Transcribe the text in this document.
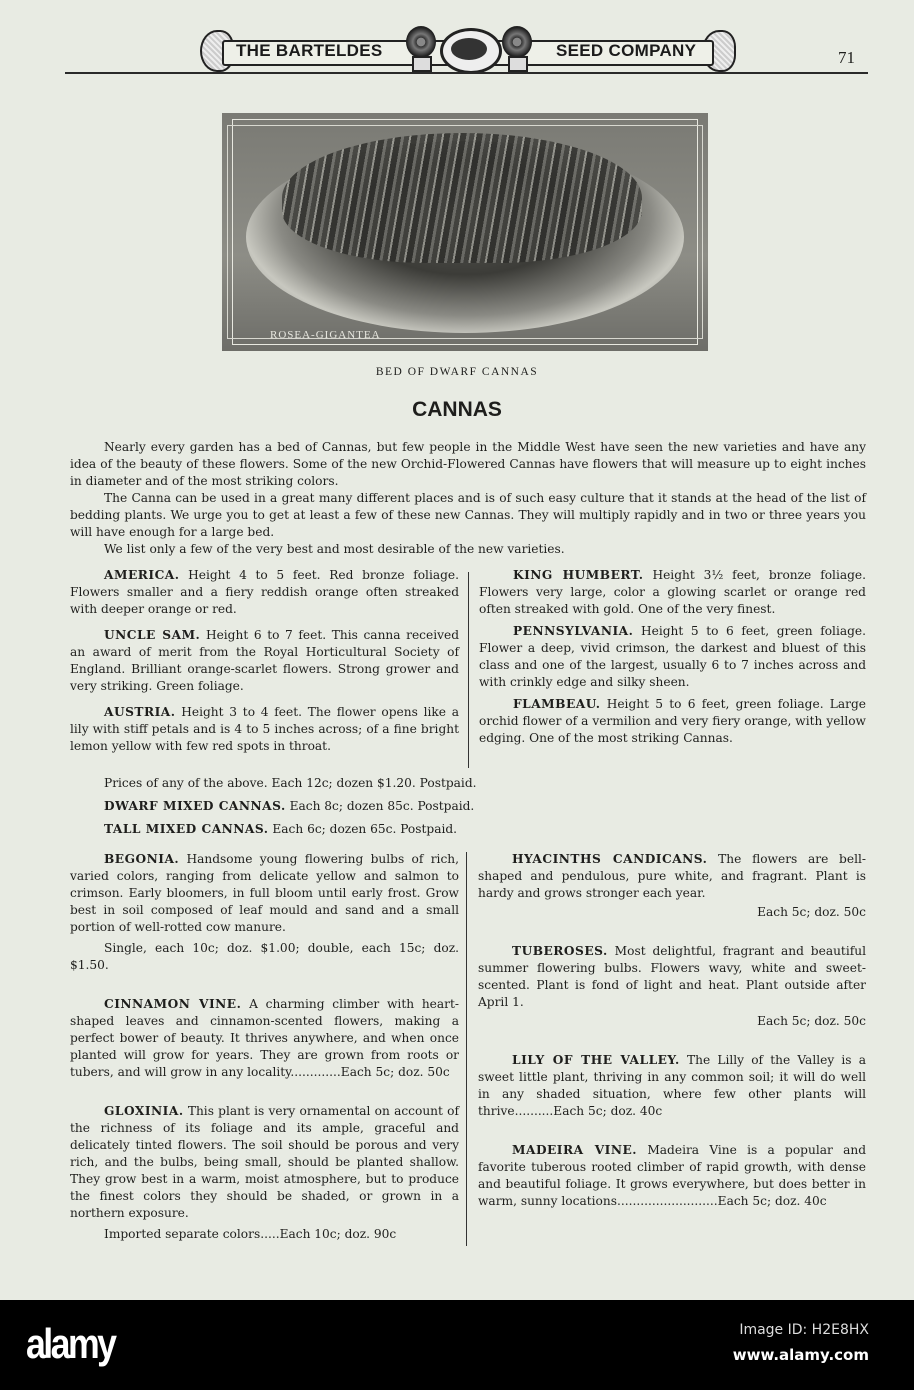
THE BARTELDES	SEED COMPANY	71
ROSEA-GIGANTEA
BED OF DWARF CANNAS
CANNAS

Nearly every garden has a bed of Cannas, but few people in the Middle West have seen the new varieties and have any idea of the beauty of these flowers. Some of the new Orchid-Flowered Cannas have flowers that will measure up to eight inches in diameter and of the most striking colors.

The Canna can be used in a great many different places and is of such easy culture that it stands at the head of the list of bedding plants. We urge you to get at least a few of these new Cannas. They will multiply rapidly and in two or three years you will have enough for a large bed.

We list only a few of the very best and most desirable of the new varieties.

AMERICA. Height 4 to 5 feet. Red bronze foliage. Flowers smaller and a fiery reddish orange often streaked with deeper orange or red.

UNCLE SAM. Height 6 to 7 feet. This canna received an award of merit from the Royal Horticultural Society of England. Brilliant orange-scarlet flowers. Strong grower and very striking. Green foliage.

AUSTRIA. Height 3 to 4 feet. The flower opens like a lily with stiff petals and is 4 to 5 inches across; of a fine bright lemon yellow with few red spots in throat.

KING HUMBERT. Height 3½ feet, bronze foliage. Flowers very large, color a glowing scarlet or orange red often streaked with gold. One of the very finest.

PENNSYLVANIA. Height 5 to 6 feet, green foliage. Flower a deep, vivid crimson, the darkest and bluest of this class and one of the largest, usually 6 to 7 inches across and with crinkly edge and silky sheen.

FLAMBEAU. Height 5 to 6 feet, green foliage. Large orchid flower of a vermilion and very fiery orange, with yellow edging. One of the most striking Cannas.

Prices of any of the above. Each 12c; dozen $1.20. Postpaid.
DWARF MIXED CANNAS. Each 8c; dozen 85c. Postpaid.
TALL MIXED CANNAS. Each 6c; dozen 65c. Postpaid.

BEGONIA. Handsome young flowering bulbs of rich, varied colors, ranging from delicate yellow and salmon to crimson. Early bloomers, in full bloom until early frost. Grow best in soil composed of leaf mould and sand and a small portion of well-rotted cow manure.

Single, each 10c; doz. $1.00; double, each 15c; doz. $1.50.

CINNAMON VINE. A charming climber with heart-shaped leaves and cinnamon-scented flowers, making a perfect bower of beauty. It thrives anywhere, and when once planted will grow for years. They are grown from roots or tubers, and will grow in any locality.............Each 5c; doz. 50c

GLOXINIA. This plant is very ornamental on account of the richness of its foliage and its ample, graceful and delicately tinted flowers. The soil should be porous and very rich, and the bulbs, being small, should be planted shallow. They grow best in a warm, moist atmosphere, but to produce the finest colors they should be shaded, or grown in a northern exposure.

Imported separate colors.....Each 10c; doz. 90c

HYACINTHS CANDICANS. The flowers are bell-shaped and pendulous, pure white, and fragrant. Plant is hardy and grows stronger each year.

Each 5c; doz. 50c

TUBEROSES. Most delightful, fragrant and beautiful summer flowering bulbs. Flowers wavy, white and sweet-scented. Plant is fond of light and heat. Plant outside after April 1.

Each 5c; doz. 50c

LILY OF THE VALLEY. The Lilly of the Valley is a sweet little plant, thriving in any common soil; it will do well in any shaded situation, where few other plants will thrive..........Each 5c; doz. 40c

MADEIRA VINE. Madeira Vine is a popular and favorite tuberous rooted climber of rapid growth, with dense and beautiful foliage. It grows everywhere, but does better in warm, sunny locations..........................Each 5c; doz. 40c

alamy	Image ID: H2E8HX
www.alamy.com
